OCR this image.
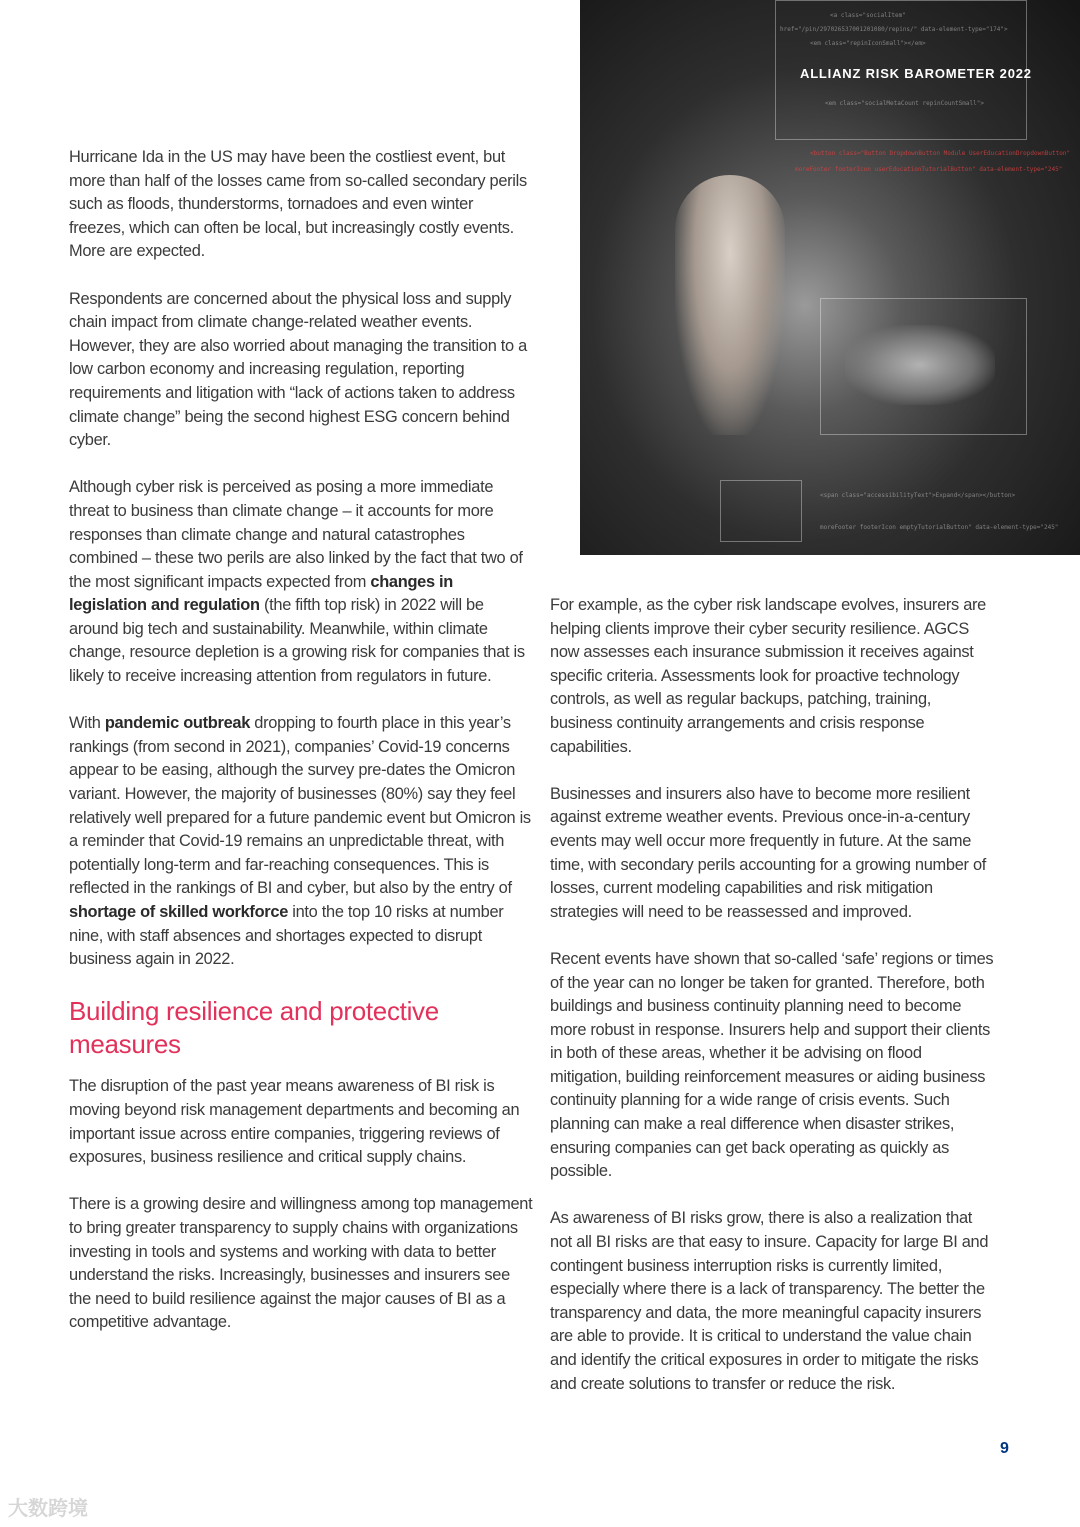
<a class="socialItem"
href="/pin/297026537001201080/repins/" data-element-type="174">
<em class="repinIconSmall"></em>
<em class="socialMetaCount repinCountSmall">
<button class="Button DropdownButton Module UserEducationDropdownButton"
moreFooter footerIcon userEducationTutorialButton" data-element-type="245"
<span class="accessibilityText">Expand</span></button>
moreFooter footerIcon emptyTutorialButton" data-element-type="245"
ALLIANZ RISK BAROMETER 2022

Hurricane Ida in the US may have been the costliest event, but more than half of the losses came from so-called secondary perils such as floods, thunderstorms, tornadoes and even winter freezes, which can often be local, but increasingly costly events. More are expected.

Respondents are concerned about the physical loss and supply chain impact from climate change-related weather events. However, they are also worried about managing the transition to a low carbon economy and increasing regulation, reporting requirements and litigation with “lack of actions taken to address climate change” being the second highest ESG concern behind cyber.

Although cyber risk is perceived as posing a more immediate threat to business than climate change – it accounts for more responses than climate change and natural catastrophes combined – these two perils are also linked by the fact that two of the most significant impacts expected from changes in legislation and regulation (the fifth top risk) in 2022 will be around big tech and sustainability. Meanwhile, within climate change, resource depletion is a growing risk for companies that is likely to receive increasing attention from regulators in future.

With pandemic outbreak dropping to fourth place in this year’s rankings (from second in 2021), companies’ Covid-19 concerns appear to be easing, although the survey pre-dates the Omicron variant. However, the majority of businesses (80%) say they feel relatively well prepared for a future pandemic event but Omicron is a reminder that Covid-19 remains an unpredictable threat, with potentially long-term and far-reaching consequences. This is reflected in the rankings of BI and cyber, but also by the entry of shortage of skilled workforce into the top 10 risks at number nine, with staff absences and shortages expected to disrupt business again in 2022.

Building resilience and protective measures

The disruption of the past year means awareness of BI risk is moving beyond risk management departments and becoming an important issue across entire companies, triggering reviews of exposures, business resilience and critical supply chains.

There is a growing desire and willingness among top management to bring greater transparency to supply chains with organizations investing in tools and systems and working with data to better understand the risks. Increasingly, businesses and insurers see the need to build resilience against the major causes of BI as a competitive advantage.

For example, as the cyber risk landscape evolves, insurers are helping clients improve their cyber security resilience. AGCS now assesses each insurance submission it receives against specific criteria. Assessments look for proactive technology controls, as well as regular backups, patching, training, business continuity arrangements and crisis response capabilities.

Businesses and insurers also have to become more resilient against extreme weather events. Previous once-in-a-century events may well occur more frequently in future. At the same time, with secondary perils accounting for a growing number of losses, current modeling capabilities and risk mitigation strategies will need to be reassessed and improved.

Recent events have shown that so-called ‘safe’ regions or times of the year can no longer be taken for granted. Therefore, both buildings and business continuity planning need to become more robust in response. Insurers help and support their clients in both of these areas, whether it be advising on flood mitigation, building reinforcement measures or aiding business continuity planning for a wide range of crisis events. Such planning can make a real difference when disaster strikes, ensuring companies can get back operating as quickly as possible.

As awareness of BI risks grow, there is also a realization that not all BI risks are that easy to insure. Capacity for large BI and contingent business interruption risks is currently limited, especially where there is a lack of transparency. The better the transparency and data, the more meaningful capacity insurers are able to provide. It is critical to understand the value chain and identify the critical exposures in order to mitigate the risks and create solutions to transfer or reduce the risk.

9
大数跨境
